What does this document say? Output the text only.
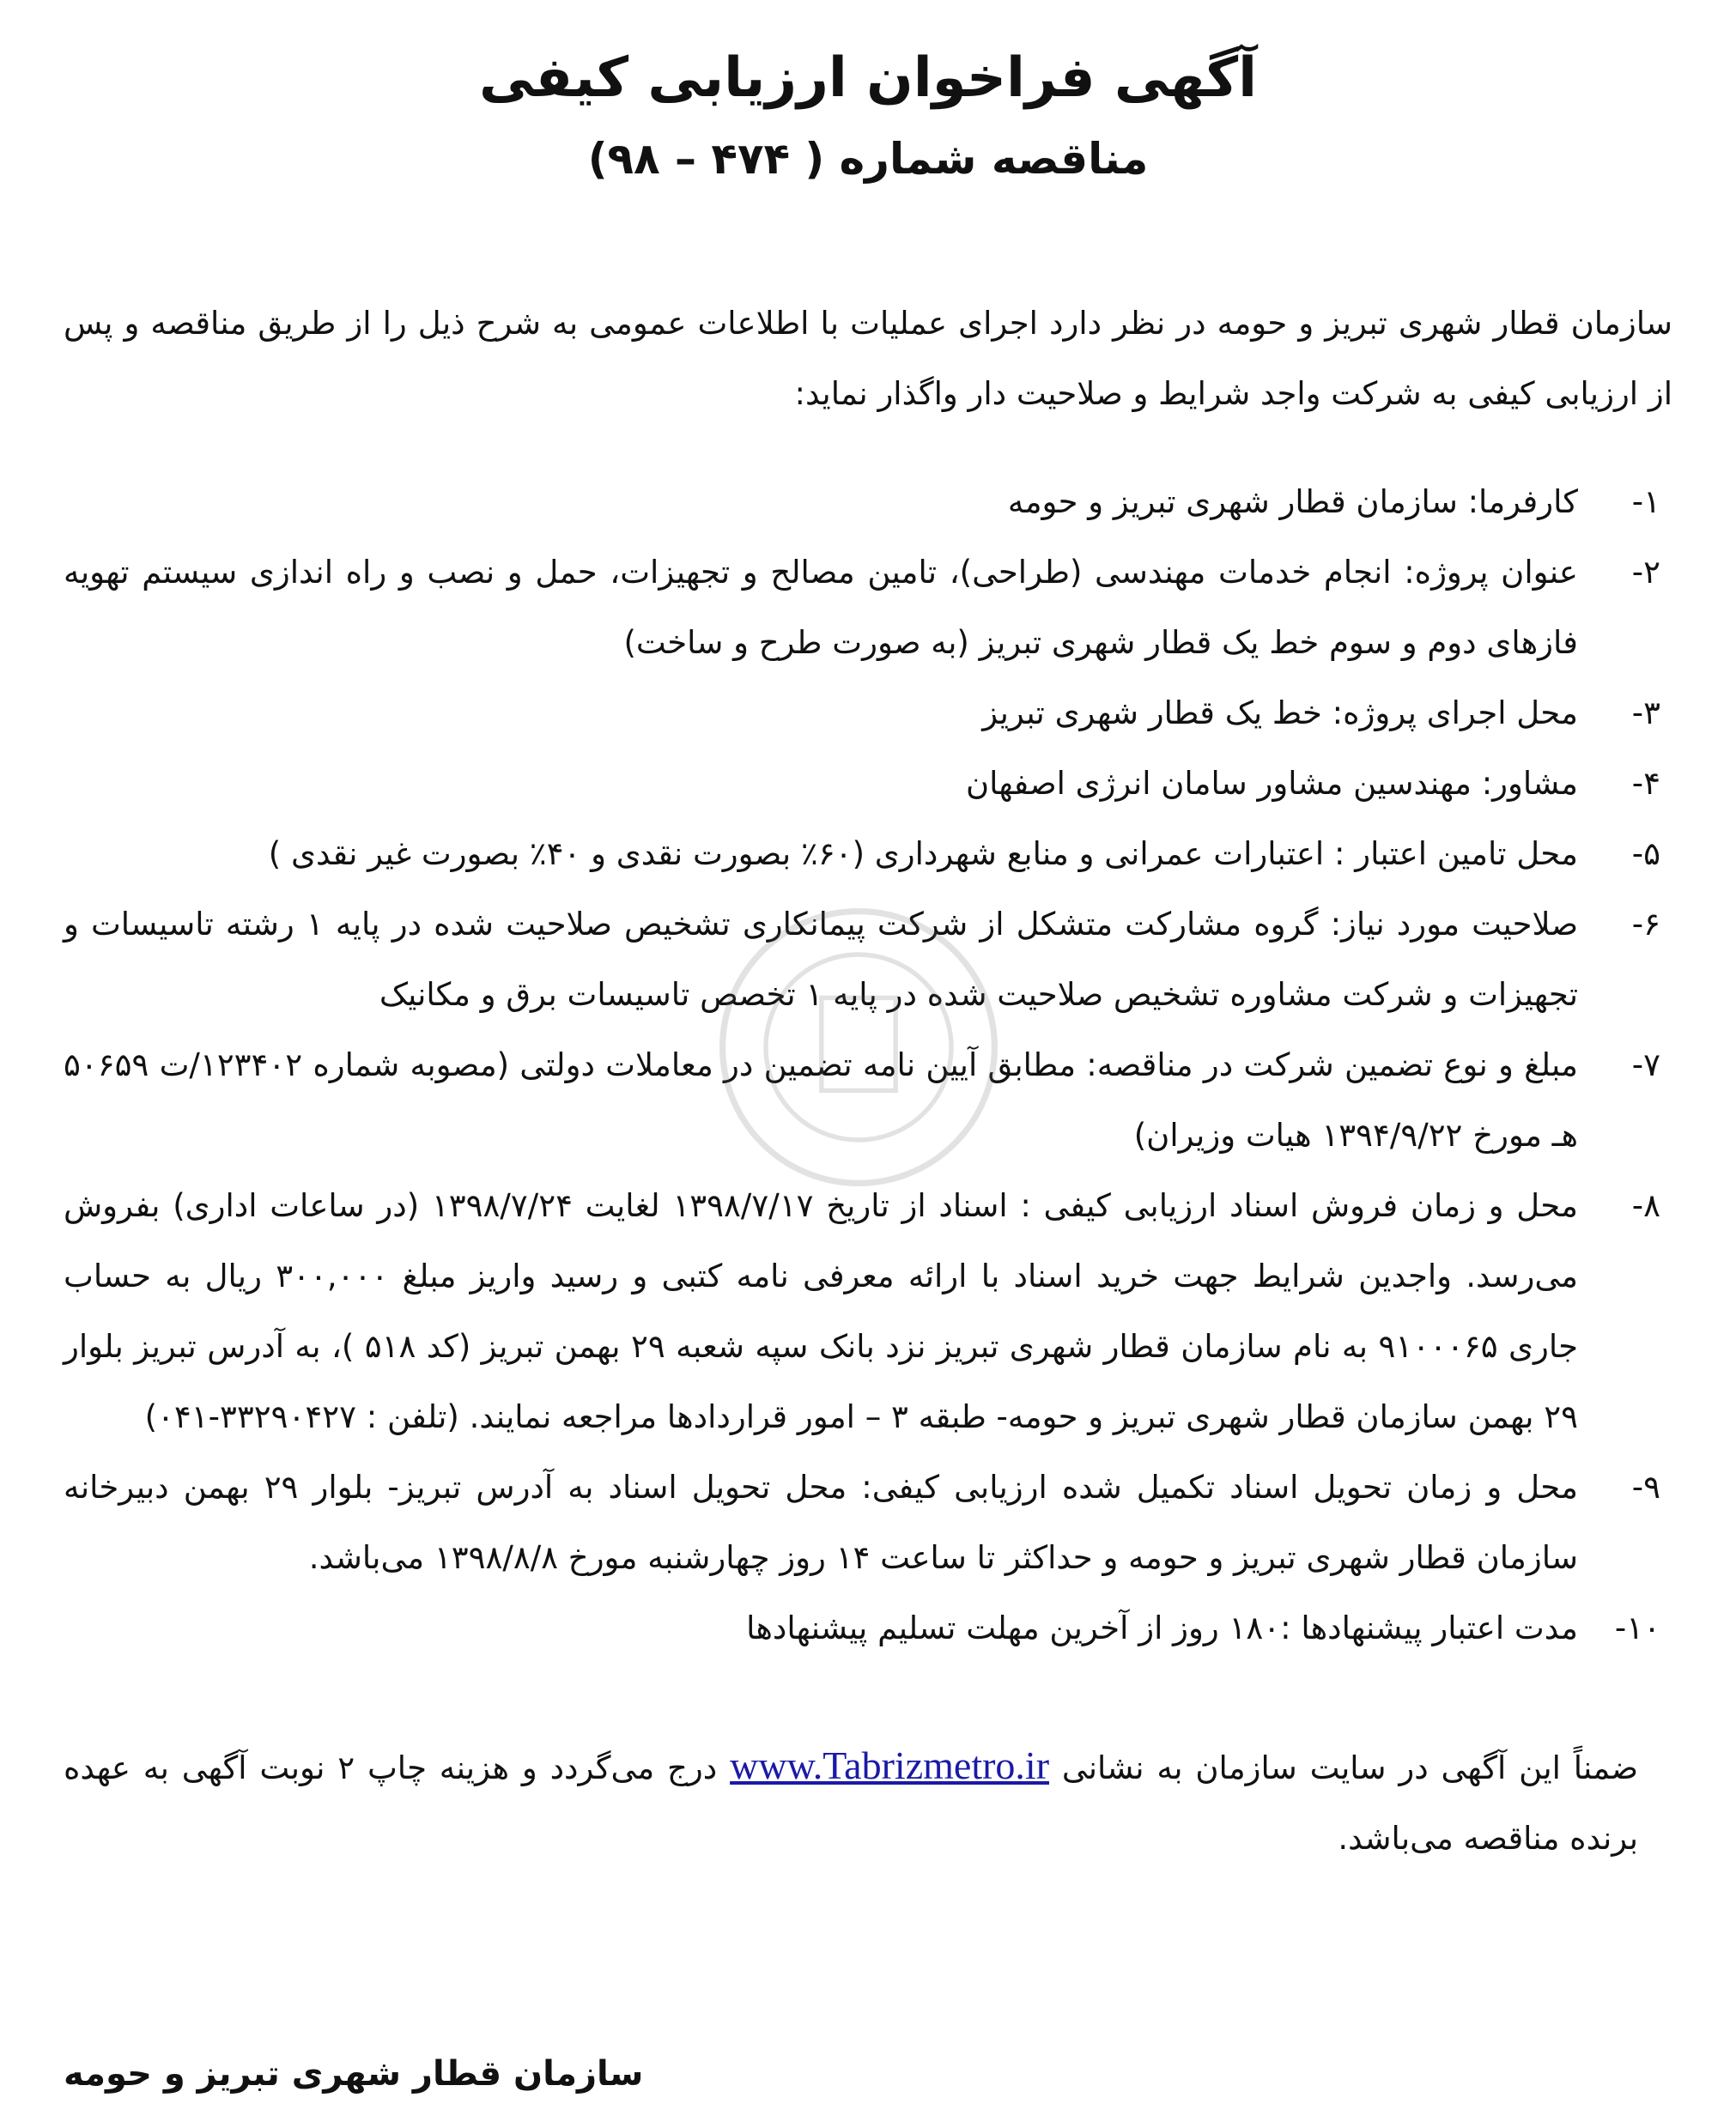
آگهی فراخوان ارزیابی کیفی
مناقصه شماره ( ۴۷۴ – ۹۸)

سازمان قطار شهری تبریز و حومه در نظر دارد اجرای عملیات با اطلاعات عمومی به شرح ذیل را از طریق مناقصه و پس از ارزیابی کیفی به شرکت واجد شرایط و صلاحیت دار واگذار نماید:

۱-
کارفرما: سازمان قطار شهری تبریز و حومه
۲-
عنوان پروژه: انجام خدمات مهندسی (طراحی)، تامین مصالح و تجهیزات، حمل و نصب و راه اندازی سیستم تهویه فازهای دوم و سوم خط یک قطار شهری تبریز (به صورت طرح و ساخت)
۳-
محل اجرای پروژه: خط یک قطار شهری تبریز
۴-
مشاور: مهندسین مشاور سامان انرژی اصفهان
۵-
محل تامین اعتبار : اعتبارات عمرانی و منابع شهرداری (۶۰٪ بصورت نقدی و ۴۰٪ بصورت غیر نقدی )
۶-
صلاحیت مورد نیاز: گروه مشارکت متشکل از شرکت پیمانکاری تشخیص صلاحیت شده در پایه ۱ رشته تاسیسات و تجهیزات و شرکت مشاوره تشخیص صلاحیت شده در پایه ۱ تخصص تاسیسات برق و مکانیک
۷-
مبلغ و نوع تضمین شرکت در مناقصه: مطابق آیین نامه تضمین در معاملات دولتی (مصوبه شماره ۱۲۳۴۰۲/ت ۵۰۶۵۹ هـ مورخ ۱۳۹۴/۹/۲۲ هیات وزیران)
۸-
محل و زمان فروش اسناد ارزیابی کیفی : اسناد از تاریخ ۱۳۹۸/۷/۱۷ لغایت ۱۳۹۸/۷/۲۴ (در ساعات اداری) بفروش می‌رسد. واجدین شرایط جهت خرید اسناد با ارائه معرفی نامه کتبی و رسید واریز مبلغ ۳۰۰,۰۰۰ ریال به حساب جاری ۹۱۰۰۰۶۵ به نام سازمان قطار شهری تبریز نزد بانک سپه شعبه ۲۹ بهمن تبریز (کد ۵۱۸ )، به آدرس تبریز بلوار ۲۹ بهمن سازمان قطار شهری تبریز و حومه- طبقه ۳ – امور قراردادها مراجعه نمایند. (تلفن : ۳۳۲۹۰۴۲۷-۰۴۱)
۹-
محل و زمان تحویل اسناد تکمیل شده ارزیابی کیفی: محل تحویل اسناد به آدرس تبریز- بلوار ۲۹ بهمن دبیرخانه سازمان قطار شهری تبریز و حومه و حداکثر تا ساعت ۱۴ روز چهارشنبه مورخ ۱۳۹۸/۸/۸ می‌باشد.
۱۰-
مدت اعتبار پیشنهادها :۱۸۰ روز از آخرین مهلت تسلیم پیشنهادها

ضمناً این آگهی در سایت سازمان به نشانی www.Tabrizmetro.ir درج می‌گردد و هزینه چاپ ۲ نوبت آگهی به عهده برنده مناقصه می‌باشد.

سازمان قطار شهری تبریز و حومه
